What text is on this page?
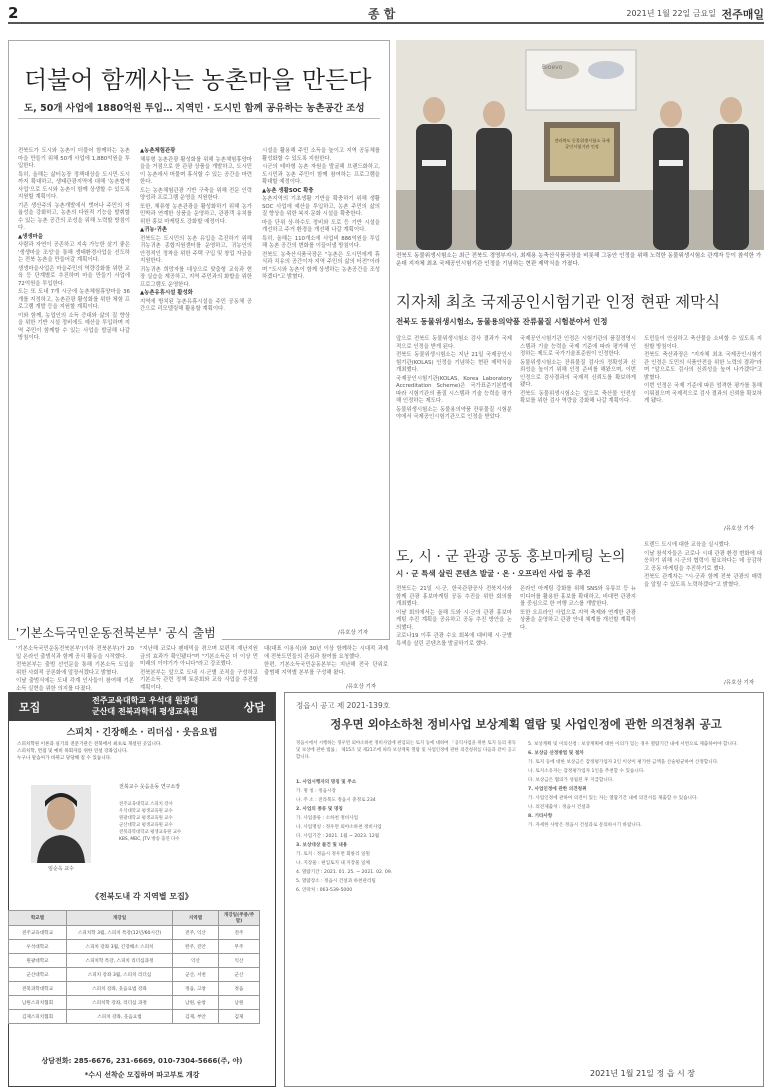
2	종 합	2021년 1월 22일 금요일 전주매일
더불어 함께사는 농촌마을 만든다
도, 50개 사업에 1880억원 투입… 지역민 · 도시민 함께 공유하는 농촌공간 조성

전북도가 도시와 농촌이 더불어 함께하는 농촌마을 만들기 위해 50개 사업에 1,880억원을 투입한다.

특히, 올해는 삶터농장 정책대상을 도시민·도시까지 확대하고, 생태관광지역에 대해 '농촌협약사업'으로 도시와 농촌이 함께 상생할 수 있도록 지원할 계획이다.

기존 생산주의 농촌개발에서 벗어나 주민의 자율성을 강화하고, 농촌의 다원적 기능을 발휘할 수 있는 농촌 공간의 조성을 위해 노력할 방침이다.

▲생생마을

사람과 자연이 공존하고 지속 가능한 살기 좋은 '생생마을 조성'을 통해 생태환경사업을 선도하는 전북 농촌을 만들어갈 계획이다.

생생마을사업은 마을주민의 역량강화를 위한 교육 등 단계별로 추진하며 마을 만들기 사업에 72억원을 투입한다.

도는 또 도내 7개 시군에 농촌체험휴양마을 36개를 지정하고, 농촌관광 활성화를 위한 체험 프로그램 개발 등을 지원할 계획이다.

이와 함께, 농업인의 소득 증대와 삶의 질 향상을 위한 기반 시설 정비에도 예산을 투입하며 지역 주민이 함께할 수 있는 사업을 발굴해 나갈 방침이다.

▲농촌체험관광

체류형 농촌관광 활성화를 위해 농촌체험휴양마을을 거점으로 한 관광 상품을 개발하고, 도시민이 농촌에서 머물며 휴식할 수 있는 공간을 마련한다.

도는 농촌체험관광 기반 구축을 위해 전문 인력 양성과 프로그램 운영을 지원한다.

또한, 체류형 농촌관광을 활성화하기 위해 농가 민박과 연계한 상품을 운영하고, 관광객 유치를 위한 홍보 마케팅도 강화할 예정이다.

▲귀농·귀촌

전북도는 도시민의 농촌 유입을 촉진하기 위해 귀농귀촌 종합지원센터를 운영하고, 귀농인의 안정적인 정착을 위한 주택 구입 및 창업 자금을 지원한다.

귀농귀촌 희망자를 대상으로 맞춤형 교육과 현장 실습을 제공하고, 지역 주민과의 화합을 위한 프로그램도 운영한다.

▲농촌유휴시설 활성화

지역에 방치된 농촌유휴시설을 주민 공동체 공간으로 리모델링해 활용할 계획이다.

시설을 활용해 주민 소득을 높이고 지역 공동체를 활성화할 수 있도록 지원한다.

시군의 테마형 농촌 자원을 발굴해 브랜드화하고, 도시민과 농촌 주민이 함께 참여하는 프로그램을 확대할 예정이다.

▲농촌 생활SOC 확충

농촌지역의 기초생활 기반을 확충하기 위해 생활 SOC 사업에 예산을 투입하고, 농촌 주민의 삶의 질 향상을 위한 복지·문화 시설을 확충한다.

마을 단위 상·하수도 정비와 도로 등 기반 시설을 개선하고 주거 환경을 개선해 나갈 계획이다.

특히, 올해는 110개소에 사업비 886억원을 투입해 농촌 공간의 변화를 이끌어낼 방침이다.

전북도 농축산식품국장은 "농촌은 도시민에게 휴식과 치유의 공간이자 지역 주민의 삶의 터전"이라며 "도시와 농촌이 함께 상생하는 농촌공간을 조성하겠다"고 밝혔다.

/유호상 기자
Bioevo
전라북도 동물위생시험소 국제공인시험기관 인정
전북도 동물위생시험소는 최근 전북도 경영부지사, 최재용 농축산식품국장을 비롯해 그동안 인정을 위해 노력한 동물위생시험소 관계자 등이 참석한 가운데 지자체 최초 국제공인시험기관 인정을 기념하는 현판 제막식을 가졌다.
지자체 최초 국제공인시험기관 인정 현판 제막식
전북도 동물위생시험소, 동물용의약품 잔류물질 시험분야서 인정

앞으로 전북도 동물위생시험소 검사 결과가 국제적으로 인정을 받게 된다.

전북도 동물위생시험소는 지난 21일 국제공인시험기관(KOLAS) 인정을 기념하는 현판 제막식을 개최했다.

국제공인시험기관(KOLAS, Korea Laboratory Accreditation Scheme)은 국가표준기본법에 따라 시험기관의 품질 시스템과 기술 능력을 평가해 인정하는 제도다.

동물위생시험소는 동물용의약품 잔류물질 시험분야에서 국제공인시험기관으로 인정을 받았다.

국제공인시험기관 인정은 시험기관의 품질경영시스템과 기술 능력을 국제 기준에 따라 평가해 인정하는 제도로 국가기술표준원이 인정한다.

동물위생시험소는 잔류물질 검사의 정확성과 신뢰성을 높이기 위해 인정 준비를 해왔으며, 이번 인정으로 검사결과의 국제적 신뢰도를 확보하게 됐다.

전북도 동물위생시험소는 앞으로 축산물 안전성 확보를 위한 검사 역량을 강화해 나갈 계획이다.

도민들이 안심하고 축산물을 소비할 수 있도록 지원할 방침이다.

전북도 축산과장은 "지자체 최초 국제공인시험기관 인정은 도민의 식품안전을 위한 노력의 결과"라며 "앞으로도 검사의 신뢰성을 높여 나가겠다"고 밝혔다.

이번 인정은 국제 기준에 따른 엄격한 평가를 통해 이뤄졌으며 국제적으로 검사 결과의 신뢰를 확보하게 됐다.

/유호상 기자
도, 시 · 군 관광 공동 홍보마케팅 논의
시 · 군 특색 살린 콘텐츠 발굴 · 온 · 오프라인 사업 등 추진

전북도는 21일 시·군, 한국관광공사 전북지사와 함께 관광 홍보마케팅 공동 추진을 위한 회의를 개최했다.

이날 회의에서는 올해 도와 시·군의 관광 홍보마케팅 추진 계획을 공유하고 공동 추진 방안을 논의했다.

코로나19 이후 관광 수요 회복에 대비해 시·군별 특색을 살린 콘텐츠를 발굴하기로 했다.

온라인 마케팅 강화를 위해 SNS와 유튜브 등 뉴미디어를 활용한 홍보를 확대하고, 비대면 관광지를 중심으로 한 여행 코스를 개발한다.

또한 오프라인 사업으로 지역 축제와 연계한 관광 상품을 운영하고 관광 안내 체계를 개선할 계획이다.

트렌드 도시에 대한 교육을 실시했다.

이날 참석자들은 코로나 시대 관광 환경 변화에 대응하기 위해 시·군의 협력이 필요하다는 데 공감하고 공동 마케팅을 추진하기로 했다.

전북도 관계자는 "시·군과 함께 전북 관광의 매력을 알릴 수 있도록 노력하겠다"고 밝혔다.

/유호상 기자
'기본소득국민운동전북본부' 공식 출범

'기본소득국민운동전북본부'(이하 전북본부)가 20일 온라인 출범식과 함께 공식 활동을 시작했다.

전북본부는 출범 선언문을 통해 기본소득 도입을 위한 사회적 공론화에 앞장서겠다고 밝혔다.

이날 출범식에는 도내 각계 인사들이 참여해 기본소득 실현을 위한 의지를 다졌다.

"지난해 코로나 팬데믹을 겪으며 보편적 재난지원금의 효과가 확인됐다"며 "기본소득은 더 이상 먼 미래의 이야기가 아니다"라고 강조했다.

전북본부는 앞으로 도내 시·군별 조직을 구성하고 기본소득 관련 정책 토론회와 교육 사업을 추진할 계획이다.

대(대표 이용식)와 30년 이상 함께하는 시대적 과제에 전북도민들의 관심과 참여를 요청했다.

한편, 기본소득국민운동본부는 지난해 전국 단위로 출범해 지역별 본부를 구성해 왔다.

/유호상 기자
모집
전주교육대학교 우석대 원광대
군산대 전북과학대 평생교육원	상담
스피치 · 긴장해소 · 리더십 · 웃음요법
스피치학원 이론과 실기의 전문기관은 전북에서 최초로 개설된 곳입니다.
스피치학, 면접 및 예비 목회자를 위한 연설 강좌입니다.
누구나 말솜씨가 바뀌고 당당해 질 수 있습니다.
임순옥 교수
전북교수 웃음운동 연구소장
전주교육대학교 스피치 강사
우석대학교 평생교육원 교수
원광대학교 평생교육원 교수
군산대학교 평생교육원 교수
전북과학대학교 평생교육원 교수
KBS, MBC, JTV 방송 출연 다수
《전북도내 각 지역별 모집》
학교별	개강일	지역별	개강일(주중/주말)
전주교육대학교	스피치학 3월, 스피치 특강(12년/60시간)	전주, 익산	전주
우석대학교	스피치 강좌 3월, 긴장해소 스피치	완주, 진안	무주
원광대학교	스피치학 특강, 스피치 리더십과정	익산	익산
군산대학교	스피치 강좌 3월, 스피치 리더십	군산, 서천	군산
전북과학대학교	스피치 강좌, 웃음요법 강좌	정읍, 고창	정읍
남원스피치협회	스피치학 강좌, 리더십 과정	남원, 순창	남원
김제스피치협회	스피치 강좌, 웃음요법	김제, 부안	김제
상담전화: 285-6676, 231-6669, 010-7304-5666(주, 야)
*수시 선착순 모집하며 파고부토 개강
정읍시 공고 제 2021-139호
정우면 외야소하천 정비사업 보상계획 열람 및 사업인정에 관한 의견청취 공고
정읍시에서 시행하는 정우면 외야소하천 정비사업에 편입되는 토지 등에 대하여 「공익사업을 위한 토지 등의 취득 및 보상에 관한 법률」 제15조 및 제21조에 따라 보상계획 열람 및 사업인정에 관한 의견청취를 다음과 같이 공고합니다.
1. 사업시행자의 명칭 및 주소
가. 명 칭 : 정읍시장
나. 주 소 : 전라북도 정읍시 충정로 234
2. 사업의 종류 및 명칭
가. 사업종류 : 소하천 정비사업
나. 사업명칭 : 정우면 외야소하천 정비사업
다. 사업기간 : 2021. 1월 ~ 2023. 12월
3. 보상대상 물건 및 내용
가. 토지 : 정읍시 정우면 회룡리 일원
나. 지장물 : 편입토지 내 지장물 일체
4. 열람기간 : 2021. 01. 25. ~ 2021. 02. 09.
5. 열람장소 : 정읍시 건설과 하천관리팀
6. 연락처 : 063-539-5000
5. 보상계획 및 이의신청 : 보상계획에 대한 이의가 있는 경우 열람기간 내에 서면으로 제출하여야 합니다.
6. 보상금 산정방법 및 절차
가. 토지 등에 대한 보상금은 감정평가업자 2인 이상이 평가한 금액을 산술평균하여 산정합니다.
나. 토지소유자는 감정평가업자 1인을 추천할 수 있습니다.
다. 보상금은 협의가 성립된 후 지급합니다.
7. 사업인정에 관한 의견청취
가. 사업인정에 관하여 의견이 있는 자는 열람기간 내에 의견서를 제출할 수 있습니다.
나. 의견제출처 : 정읍시 건설과
8. 기타사항
가. 자세한 사항은 정읍시 건설과로 문의하시기 바랍니다.
2021년 1월 21일 정 읍 시 장
